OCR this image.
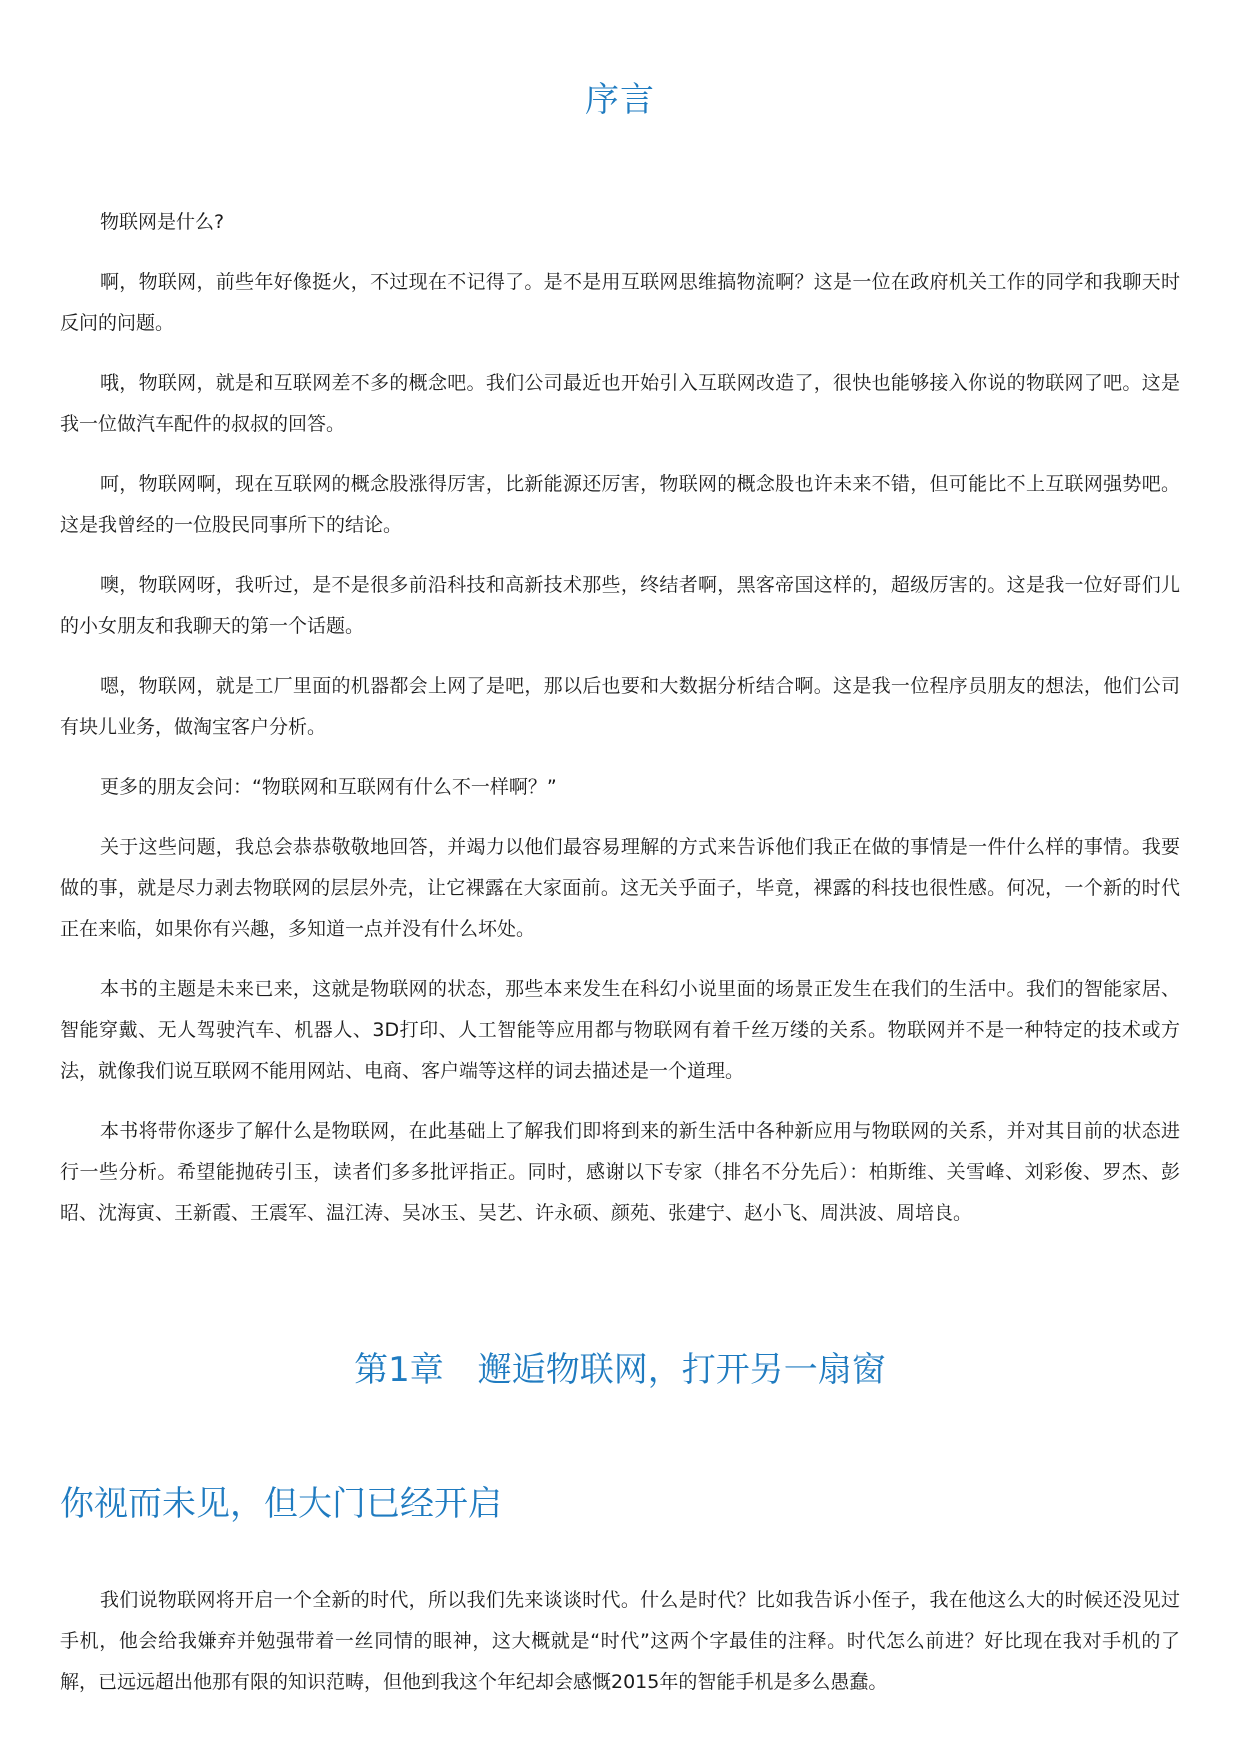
序言

物联网是什么?

啊，物联网，前些年好像挺火，不过现在不记得了。是不是用互联网思维搞物流啊？这是一位在政府机关工作的同学和我聊天时反问的问题。

哦，物联网，就是和互联网差不多的概念吧。我们公司最近也开始引入互联网改造了，很快也能够接入你说的物联网了吧。这是我一位做汽车配件的叔叔的回答。

呵，物联网啊，现在互联网的概念股涨得厉害，比新能源还厉害，物联网的概念股也许未来不错，但可能比不上互联网强势吧。这是我曾经的一位股民同事所下的结论。

噢，物联网呀，我听过，是不是很多前沿科技和高新技术那些，终结者啊，黑客帝国这样的，超级厉害的。这是我一位好哥们儿的小女朋友和我聊天的第一个话题。

嗯，物联网，就是工厂里面的机器都会上网了是吧，那以后也要和大数据分析结合啊。这是我一位程序员朋友的想法，他们公司有块儿业务，做淘宝客户分析。

更多的朋友会问：“物联网和互联网有什么不一样啊？”

关于这些问题，我总会恭恭敬敬地回答，并竭力以他们最容易理解的方式来告诉他们我正在做的事情是一件什么样的事情。我要做的事，就是尽力剥去物联网的层层外壳，让它裸露在大家面前。这无关乎面子，毕竟，裸露的科技也很性感。何况，一个新的时代正在来临，如果你有兴趣，多知道一点并没有什么坏处。

本书的主题是未来已来，这就是物联网的状态，那些本来发生在科幻小说里面的场景正发生在我们的生活中。我们的智能家居、智能穿戴、无人驾驶汽车、机器人、3D打印、人工智能等应用都与物联网有着千丝万缕的关系。物联网并不是一种特定的技术或方法，就像我们说互联网不能用网站、电商、客户端等这样的词去描述是一个道理。

本书将带你逐步了解什么是物联网，在此基础上了解我们即将到来的新生活中各种新应用与物联网的关系，并对其目前的状态进行一些分析。希望能抛砖引玉，读者们多多批评指正。同时，感谢以下专家（排名不分先后）：柏斯维、关雪峰、刘彩俊、罗杰、彭昭、沈海寅、王新霞、王震军、温江涛、吴冰玉、吴艺、许永硕、颜苑、张建宁、赵小飞、周洪波、周培良。

第1章　邂逅物联网，打开另一扇窗
你视而未见，但大门已经开启

我们说物联网将开启一个全新的时代，所以我们先来谈谈时代。什么是时代？比如我告诉小侄子，我在他这么大的时候还没见过手机，他会给我嫌弃并勉强带着一丝同情的眼神，这大概就是“时代”这两个字最佳的注释。时代怎么前进？好比现在我对手机的了解，已远远超出他那有限的知识范畴，但他到我这个年纪却会感慨2015年的智能手机是多么愚蠢。
